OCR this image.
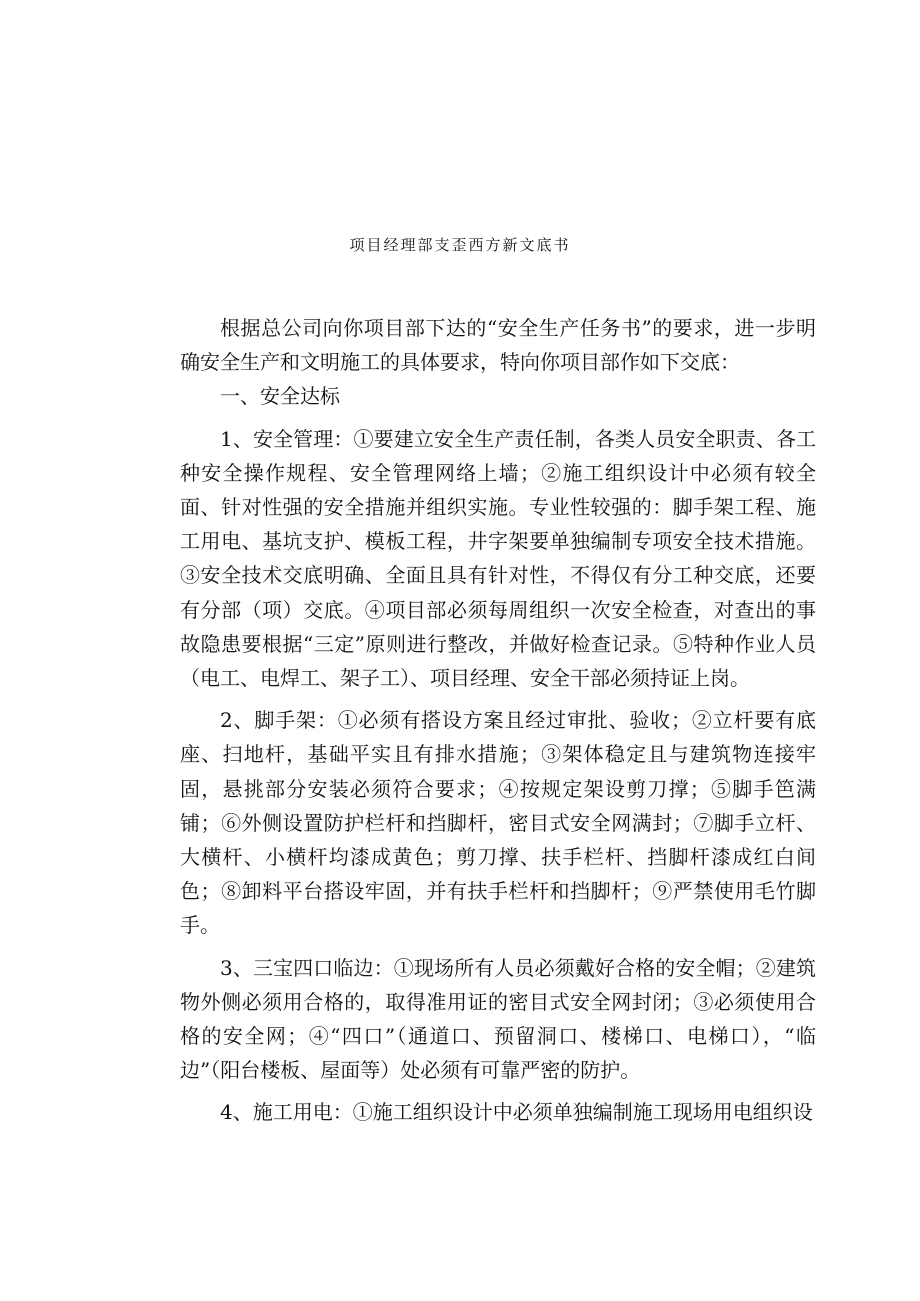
项目经理部支歪西方新文底书

根据总公司向你项目部下达的“安全生产任务书”的要求，进一步明确安全生产和文明施工的具体要求，特向你项目部作如下交底：

一、安全达标

1、安全管理：①要建立安全生产责任制，各类人员安全职责、各工种安全操作规程、安全管理网络上墙；②施工组织设计中必须有较全面、针对性强的安全措施并组织实施。专业性较强的：脚手架工程、施工用电、基坑支护、模板工程，井字架要单独编制专项安全技术措施。③安全技术交底明确、全面且具有针对性，不得仅有分工种交底，还要有分部（项）交底。④项目部必须每周组织一次安全检查，对查出的事故隐患要根据“三定”原则进行整改，并做好检查记录。⑤特种作业人员（电工、电焊工、架子工）、项目经理、安全干部必须持证上岗。

2、脚手架：①必须有搭设方案且经过审批、验收；②立杆要有底座、扫地杆，基础平实且有排水措施；③架体稳定且与建筑物连接牢固，悬挑部分安装必须符合要求；④按规定架设剪刀撑；⑤脚手笆满铺；⑥外侧设置防护栏杆和挡脚杆，密目式安全网满封；⑦脚手立杆、大横杆、小横杆均漆成黄色；剪刀撑、扶手栏杆、挡脚杆漆成红白间色；⑧卸料平台搭设牢固，并有扶手栏杆和挡脚杆；⑨严禁使用毛竹脚手。

3、三宝四口临边：①现场所有人员必须戴好合格的安全帽；②建筑物外侧必须用合格的，取得准用证的密目式安全网封闭；③必须使用合格的安全网；④“四口”（通道口、预留洞口、楼梯口、电梯口），“临边”（阳台楼板、屋面等）处必须有可靠严密的防护。

4、施工用电：①施工组织设计中必须单独编制施工现场用电组织设
